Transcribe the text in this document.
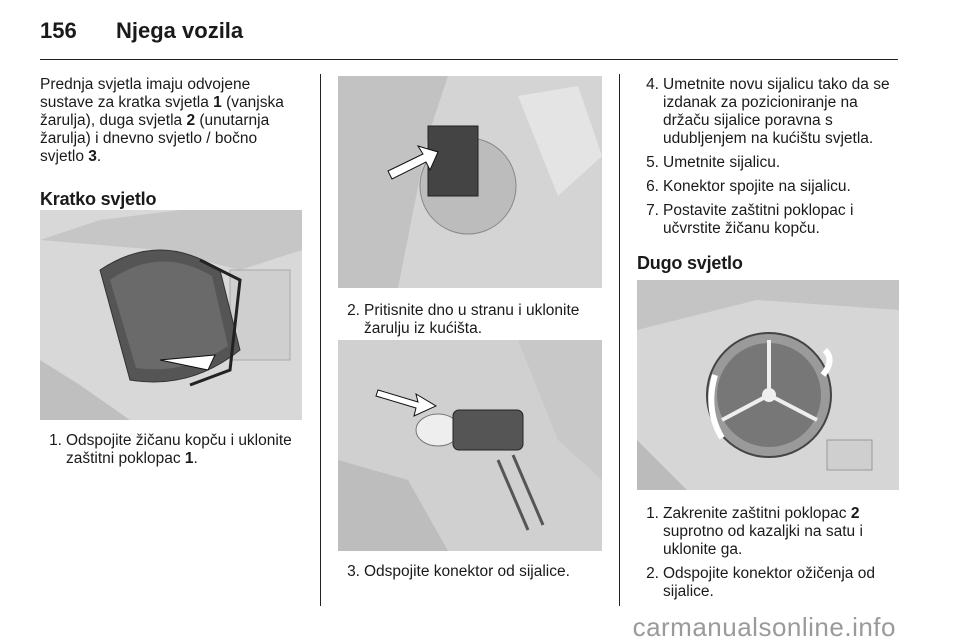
156 Njega vozila

Prednja svjetla imaju odvojene sustave za kratka svjetla 1 (vanjska žarulja), duga svjetla 2 (unutarnja žarulja) i dnevno svjetlo / bočno svjetlo 3.

Kratko svjetlo

1. Odspojite žičanu kopču i uklonite zaštitni poklopac 1.
2. Pritisnite dno u stranu i uklonite žarulju iz kućišta.
3. Odspojite konektor od sijalice.
4. Umetnite novu sijalicu tako da se izdanak za pozicioniranje na držaču sijalice poravna s udubljenjem na kućištu svjetla.
5. Umetnite sijalicu.
6. Konektor spojite na sijalicu.
7. Postavite zaštitni poklopac i učvrstite žičanu kopču.

Dugo svjetlo

1. Zakrenite zaštitni poklopac 2 suprotno od kazaljki na satu i uklonite ga.
2. Odspojite konektor ožičenja od sijalice.
carmanualsonline.info
